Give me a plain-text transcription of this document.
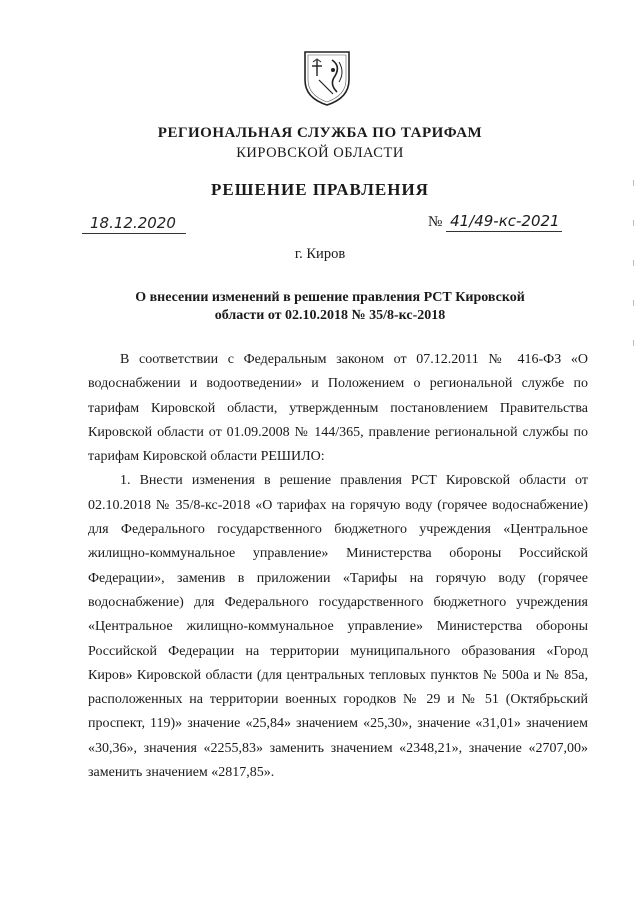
РЕГИОНАЛЬНАЯ СЛУЖБА ПО ТАРИФАМ
КИРОВСКОЙ ОБЛАСТИ
РЕШЕНИЕ ПРАВЛЕНИЯ
18.12.2020	№ 41/49-кс-2021
г. Киров
О внесении изменений в решение правления РСТ Кировской области от 02.10.2018 № 35/8-кс-2018

В соответствии с Федеральным законом от 07.12.2011 № 416-ФЗ «О водоснабжении и водоотведении» и Положением о региональной службе по тарифам Кировской области, утвержденным постановлением Правительства Кировской области от 01.09.2008 № 144/365, правление региональной службы по тарифам Кировской области РЕШИЛО:

1. Внести изменения в решение правления РСТ Кировской области от 02.10.2018 № 35/8-кс-2018 «О тарифах на горячую воду (горячее водоснабжение) для Федерального государственного бюджетного учреждения «Центральное жилищно-коммунальное управление» Министерства обороны Российской Федерации», заменив в приложении «Тарифы на горячую воду (горячее водоснабжение) для Федерального государственного бюджетного учреждения «Центральное жилищно-коммунальное управление» Министерства обороны Российской Федерации на территории муниципального образования «Город Киров» Кировской области (для центральных тепловых пунктов № 500а и № 85а, расположенных на территории военных городков № 29 и № 51 (Октябрьский проспект, 119)» значение «25,84» значением «25,30», значение «31,01» значением «30,36», значения «2255,83» заменить значением «2348,21», значение «2707,00» заменить значением «2817,85».
